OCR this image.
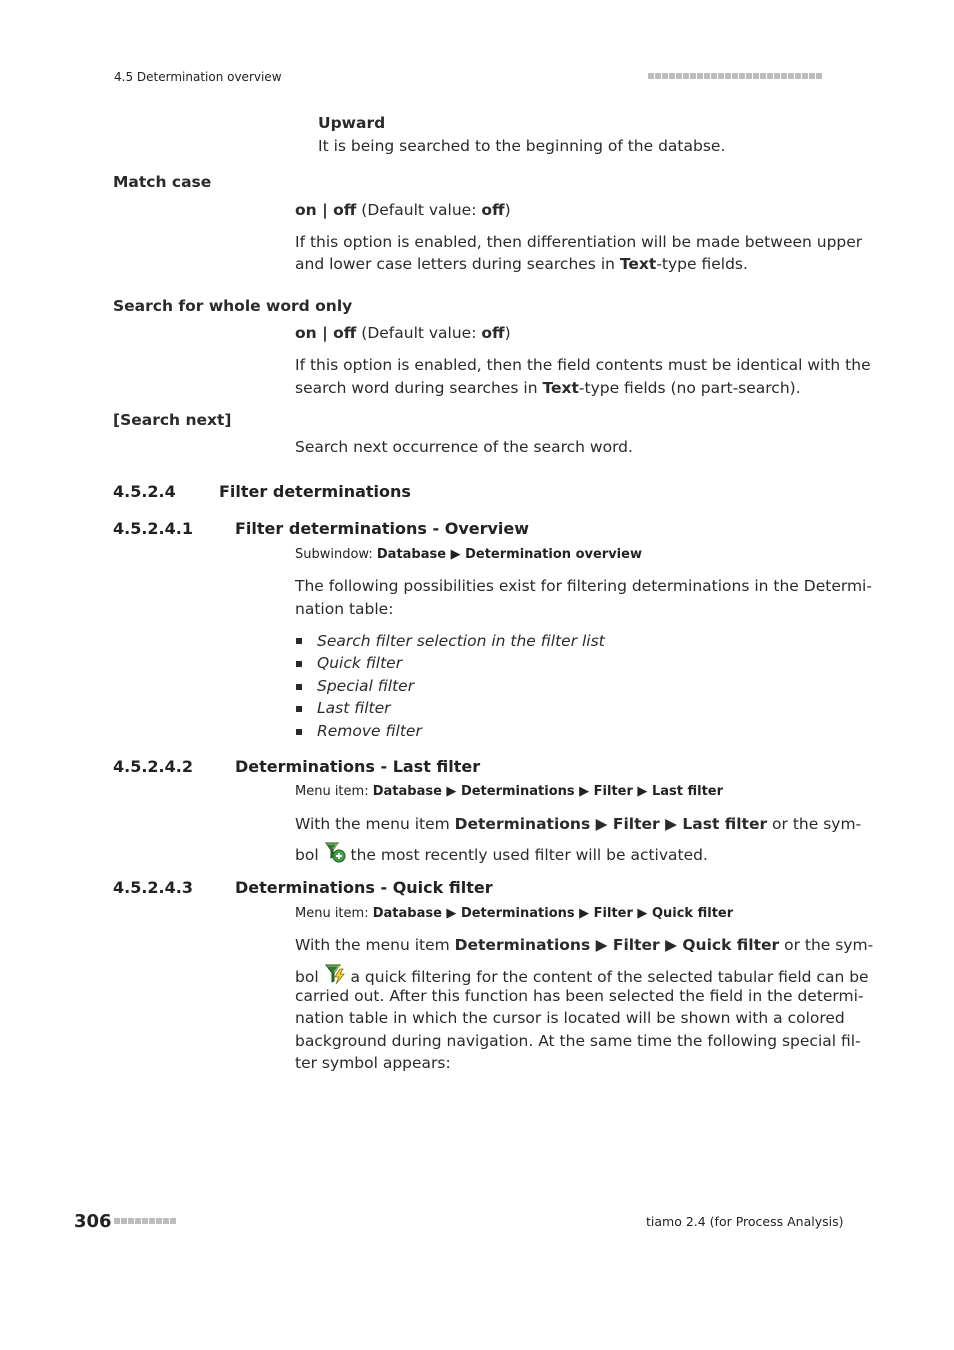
4.5 Determination overview
Upward
It is being searched to the beginning of the databse.
Match case
on | off (Default value: off)
If this option is enabled, then differentiation will be made between upper
and lower case letters during searches in Text-type fields.
Search for whole word only
on | off (Default value: off)
If this option is enabled, then the field contents must be identical with the
search word during searches in Text-type fields (no part-search).
[Search next]
Search next occurrence of the search word.
4.5.2.4	Filter determinations
4.5.2.4.1	Filter determinations - Overview
Subwindow: Database ▶ Determination overview
The following possibilities exist for filtering determinations in the Determi-
nation table:
Search filter selection in the filter list
Quick filter
Special filter
Last filter
Remove filter
4.5.2.4.2	Determinations - Last filter
Menu item: Database ▶ Determinations ▶ Filter ▶ Last filter
With the menu item Determinations ▶ Filter ▶ Last filter or the sym-
bol  the most recently used filter will be activated.
4.5.2.4.3	Determinations - Quick filter
Menu item: Database ▶ Determinations ▶ Filter ▶ Quick filter
With the menu item Determinations ▶ Filter ▶ Quick filter or the sym-
bol  a quick filtering for the content of the selected tabular field can be
carried out. After this function has been selected the field in the determi-
nation table in which the cursor is located will be shown with a colored
background during navigation. At the same time the following special fil-
ter symbol appears:
306	tiamo 2.4 (for Process Analysis)
